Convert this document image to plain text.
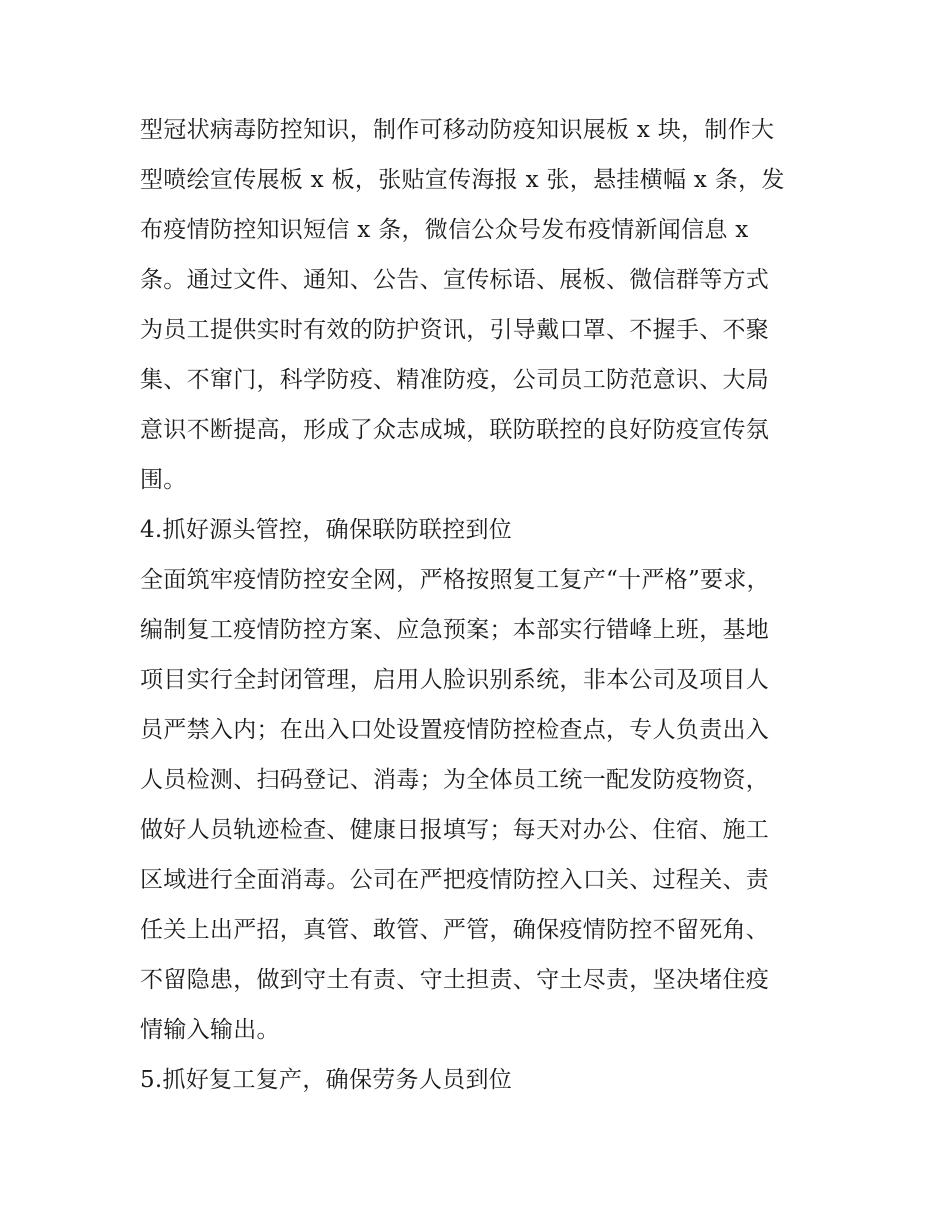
型冠状病毒防控知识，制作可移动防疫知识展板 x 块，制作大
型喷绘宣传展板 x 板，张贴宣传海报 x 张，悬挂横幅 x 条，发
布疫情防控知识短信 x 条，微信公众号发布疫情新闻信息 x
条。通过文件、通知、公告、宣传标语、展板、微信群等方式
为员工提供实时有效的防护资讯，引导戴口罩、不握手、不聚
集、不窜门，科学防疫、精准防疫，公司员工防范意识、大局
意识不断提高，形成了众志成城，联防联控的良好防疫宣传氛
围。
4.抓好源头管控，确保联防联控到位
全面筑牢疫情防控安全网，严格按照复工复产“十严格”要求，
编制复工疫情防控方案、应急预案；本部实行错峰上班，基地
项目实行全封闭管理，启用人脸识别系统，非本公司及项目人
员严禁入内；在出入口处设置疫情防控检查点，专人负责出入
人员检测、扫码登记、消毒；为全体员工统一配发防疫物资，
做好人员轨迹检查、健康日报填写；每天对办公、住宿、施工
区域进行全面消毒。公司在严把疫情防控入口关、过程关、责
任关上出严招，真管、敢管、严管，确保疫情防控不留死角、
不留隐患，做到守土有责、守土担责、守土尽责，坚决堵住疫
情输入输出。
5.抓好复工复产，确保劳务人员到位
